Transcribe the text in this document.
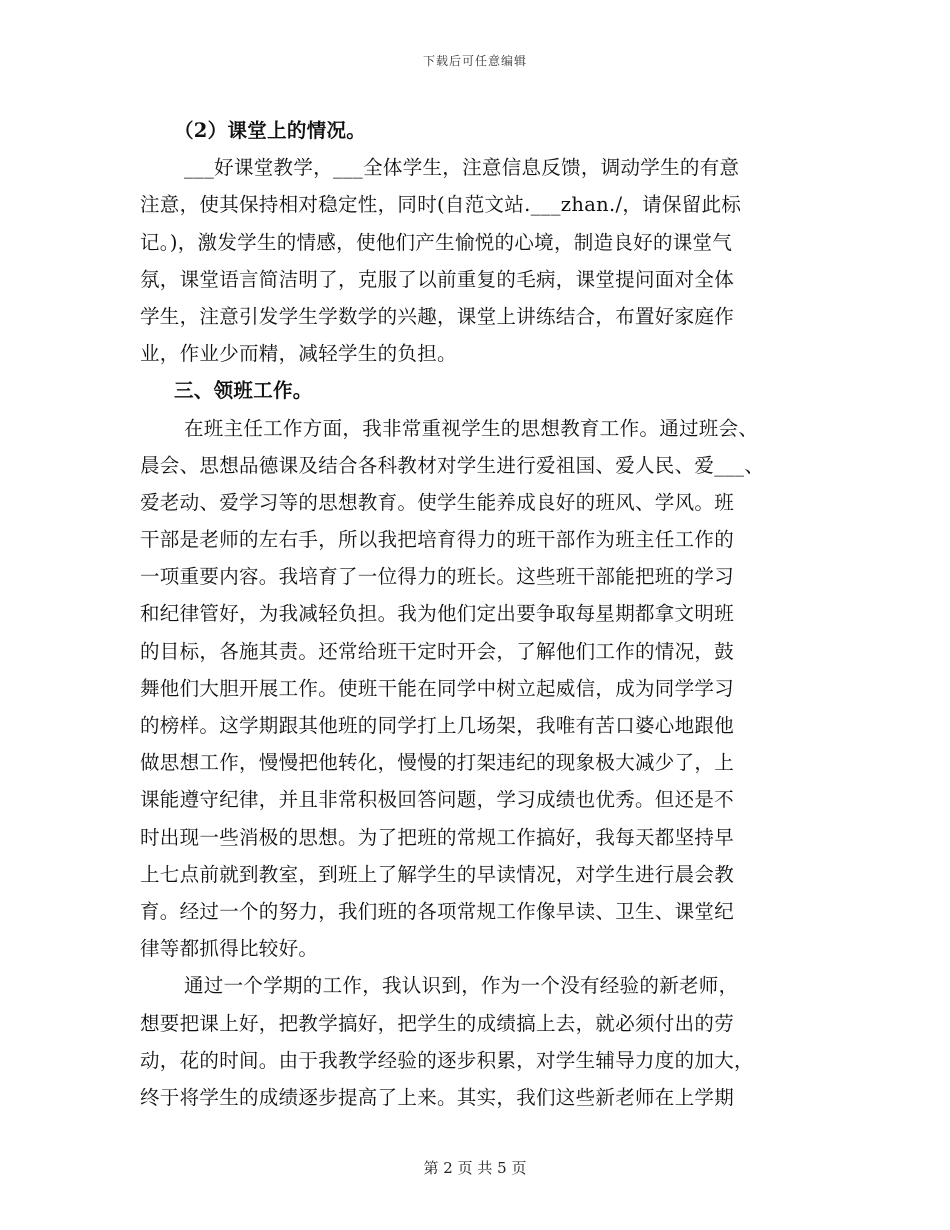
下载后可任意编辑
（2）课堂上的情况。
___好课堂教学，___全体学生，注意信息反馈，调动学生的有意
注意，使其保持相对稳定性，同时(自范文站.___zhan./，请保留此标
记。)，激发学生的情感，使他们产生愉悦的心境，制造良好的课堂气
氛，课堂语言简洁明了，克服了以前重复的毛病，课堂提问面对全体
学生，注意引发学生学数学的兴趣，课堂上讲练结合，布置好家庭作
业，作业少而精，减轻学生的负担。
三、领班工作。
在班主任工作方面，我非常重视学生的思想教育工作。通过班会、
晨会、思想品德课及结合各科教材对学生进行爱祖国、爱人民、爱___、
爱老动、爱学习等的思想教育。使学生能养成良好的班风、学风。班
干部是老师的左右手，所以我把培育得力的班干部作为班主任工作的
一项重要内容。我培育了一位得力的班长。这些班干部能把班的学习
和纪律管好，为我减轻负担。我为他们定出要争取每星期都拿文明班
的目标，各施其责。还常给班干定时开会，了解他们工作的情况，鼓
舞他们大胆开展工作。使班干能在同学中树立起威信，成为同学学习
的榜样。这学期跟其他班的同学打上几场架，我唯有苦口婆心地跟他
做思想工作，慢慢把他转化，慢慢的打架违纪的现象极大减少了，上
课能遵守纪律，并且非常积极回答问题，学习成绩也优秀。但还是不
时出现一些消极的思想。为了把班的常规工作搞好，我每天都坚持早
上七点前就到教室，到班上了解学生的早读情况，对学生进行晨会教
育。经过一个的努力，我们班的各项常规工作像早读、卫生、课堂纪
律等都抓得比较好。
通过一个学期的工作，我认识到，作为一个没有经验的新老师，
想要把课上好，把教学搞好，把学生的成绩搞上去，就必须付出的劳
动，花的时间。由于我教学经验的逐步积累，对学生辅导力度的加大，
终于将学生的成绩逐步提高了上来。其实，我们这些新老师在上学期
第 2 页 共 5 页
